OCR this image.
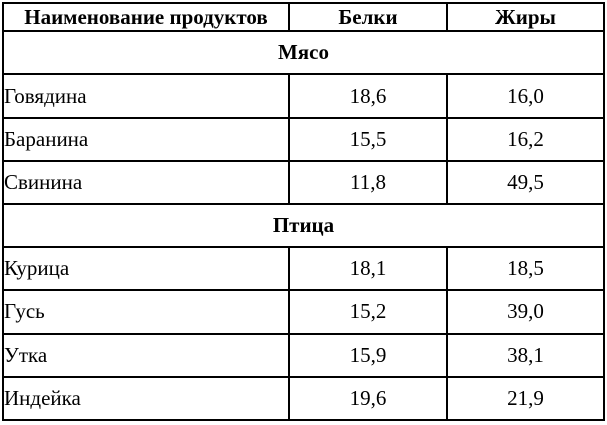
Наименование продуктов	Белки	Жиры
Мясо		
Говядина	18,6	16,0
Баранина	15,5	16,2
Свинина	11,8	49,5
Птица		
Курица	18,1	18,5
Гусь	15,2	39,0
Утка	15,9	38,1
Индейка	19,6	21,9
